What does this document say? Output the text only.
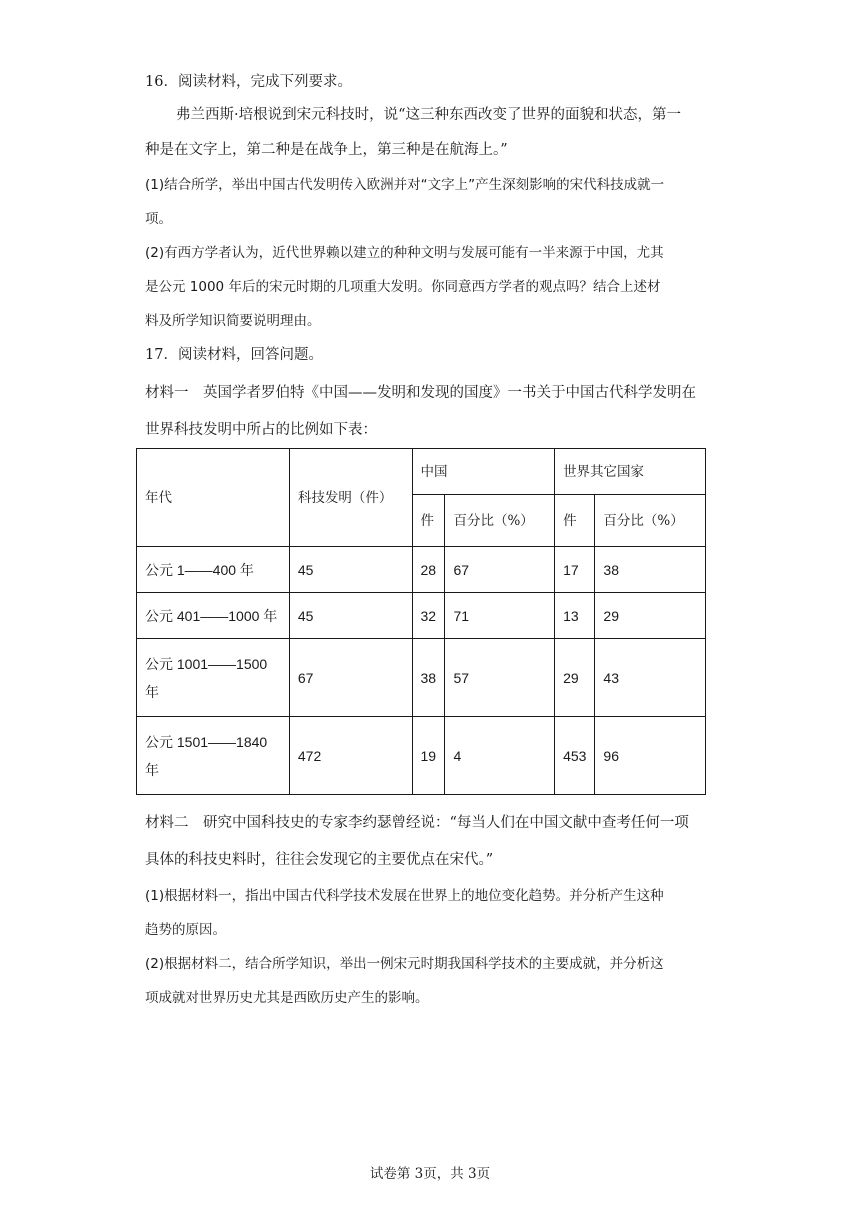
16．阅读材料，完成下列要求。
弗兰西斯·培根说到宋元科技时，说“这三种东西改变了世界的面貌和状态，第一
种是在文字上，第二种是在战争上，第三种是在航海上。”
(1)结合所学，举出中国古代发明传入欧洲并对“文字上”产生深刻影响的宋代科技成就一
项。
(2)有西方学者认为，近代世界赖以建立的种种文明与发展可能有一半来源于中国，尤其
是公元 1000 年后的宋元时期的几项重大发明。你同意西方学者的观点吗？结合上述材
料及所学知识简要说明理由。
17．阅读材料，回答问题。
材料一　英国学者罗伯特《中国——发明和发现的国度》一书关于中国古代科学发明在
世界科技发明中所占的比例如下表：
年代	科技发明（件）	中国		世界其它国家	
		件	百分比（%）	件	百分比（%）
公元 1——400 年	45	28	67	17	38
公元 401——1000 年	45	32	71	13	29
公元 1001——1500 年	67	38	57	29	43
公元 1501——1840 年	472	19	4	453	96
材料二　研究中国科技史的专家李约瑟曾经说：“每当人们在中国文献中查考任何一项
具体的科技史料时，往往会发现它的主要优点在宋代。”
(1)根据材料一，指出中国古代科学技术发展在世界上的地位变化趋势。并分析产生这种
趋势的原因。
(2)根据材料二，结合所学知识，举出一例宋元时期我国科学技术的主要成就，并分析这
项成就对世界历史尤其是西欧历史产生的影响。
试卷第 3页，共 3页
